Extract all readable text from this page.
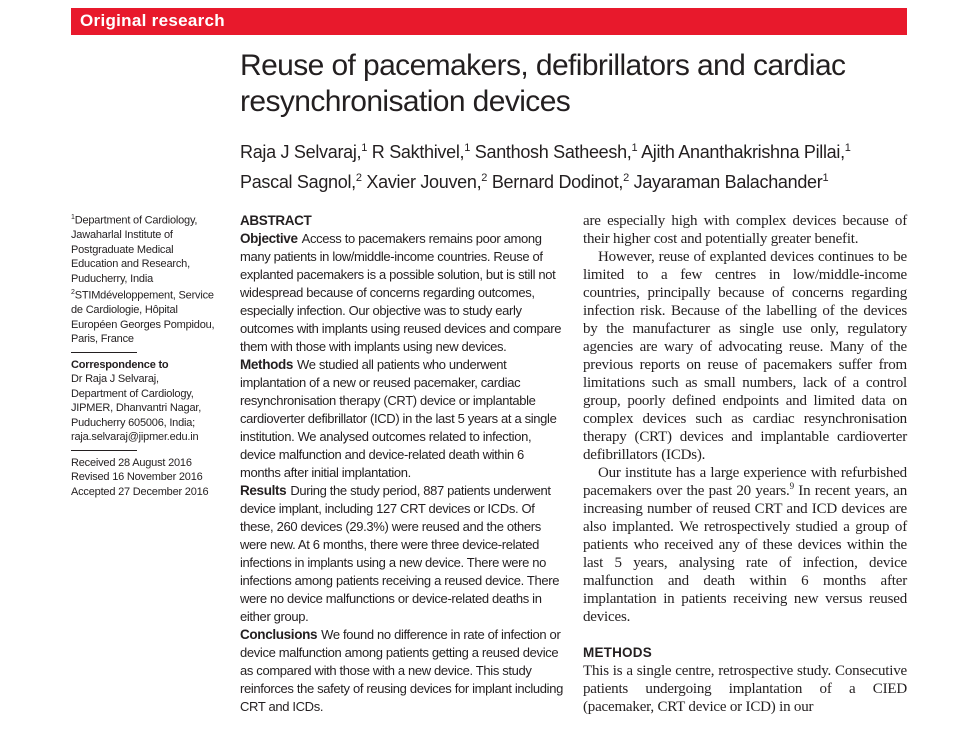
Original research
Reuse of pacemakers, defibrillators and cardiac resynchronisation devices
Raja J Selvaraj,$^1$ R Sakthivel,$^1$ Santhosh Satheesh,$^1$ Ajith Ananthakrishna Pillai,$^1$
Pascal Sagnol,$^2$ Xavier Jouven,$^2$ Bernard Dodinot,$^2$ Jayaraman Balachander$^1$
$^1$Department of Cardiology, Jawaharlal Institute of Postgraduate Medical Education and Research, Puducherry, India
$^2$STIMdéveloppement, Service de Cardiologie, Hôpital Européen Georges Pompidou, Paris, France
Correspondence to
Dr Raja J Selvaraj, Department of Cardiology, JIPMER, Dhanvantri Nagar, Puducherry 605006, India; raja.selvaraj@jipmer.edu.in
Received 28 August 2016
Revised 16 November 2016
Accepted 27 December 2016
ABSTRACT

Objective Access to pacemakers remains poor among many patients in low/middle-income countries. Reuse of explanted pacemakers is a possible solution, but is still not widespread because of concerns regarding outcomes, especially infection. Our objective was to study early outcomes with implants using reused devices and compare them with those with implants using new devices.

Methods We studied all patients who underwent implantation of a new or reused pacemaker, cardiac resynchronisation therapy (CRT) device or implantable cardioverter defibrillator (ICD) in the last 5 years at a single institution. We analysed outcomes related to infection, device malfunction and device-related death within 6 months after initial implantation.

Results During the study period, 887 patients underwent device implant, including 127 CRT devices or ICDs. Of these, 260 devices (29.3%) were reused and the others were new. At 6 months, there were three device-related infections in implants using a new device. There were no infections among patients receiving a reused device. There were no device malfunctions or device-related deaths in either group.

Conclusions We found no difference in rate of infection or device malfunction among patients getting a reused device as compared with those with a new device. This study reinforces the safety of reusing devices for implant including CRT and ICDs.

are especially high with complex devices because of their higher cost and potentially greater benefit.

However, reuse of explanted devices continues to be limited to a few centres in low/middle-income countries, principally because of concerns regarding infection risk. Because of the labelling of the devices by the manufacturer as single use only, regulatory agencies are wary of advocating reuse. Many of the previous reports on reuse of pacemakers suffer from limitations such as small numbers, lack of a control group, poorly defined endpoints and limited data on complex devices such as cardiac resynchronisation therapy (CRT) devices and implantable cardioverter defibrillators (ICDs).

Our institute has a large experience with refurbished pacemakers over the past 20 years.$^9$ In recent years, an increasing number of reused CRT and ICD devices are also implanted. We retrospectively studied a group of patients who received any of these devices within the last 5 years, analysing rate of infection, device malfunction and death within 6 months after implantation in patients receiving new versus reused devices.

METHODS

This is a single centre, retrospective study. Consecutive patients undergoing implantation of a CIED (pacemaker, CRT device or ICD) in our
